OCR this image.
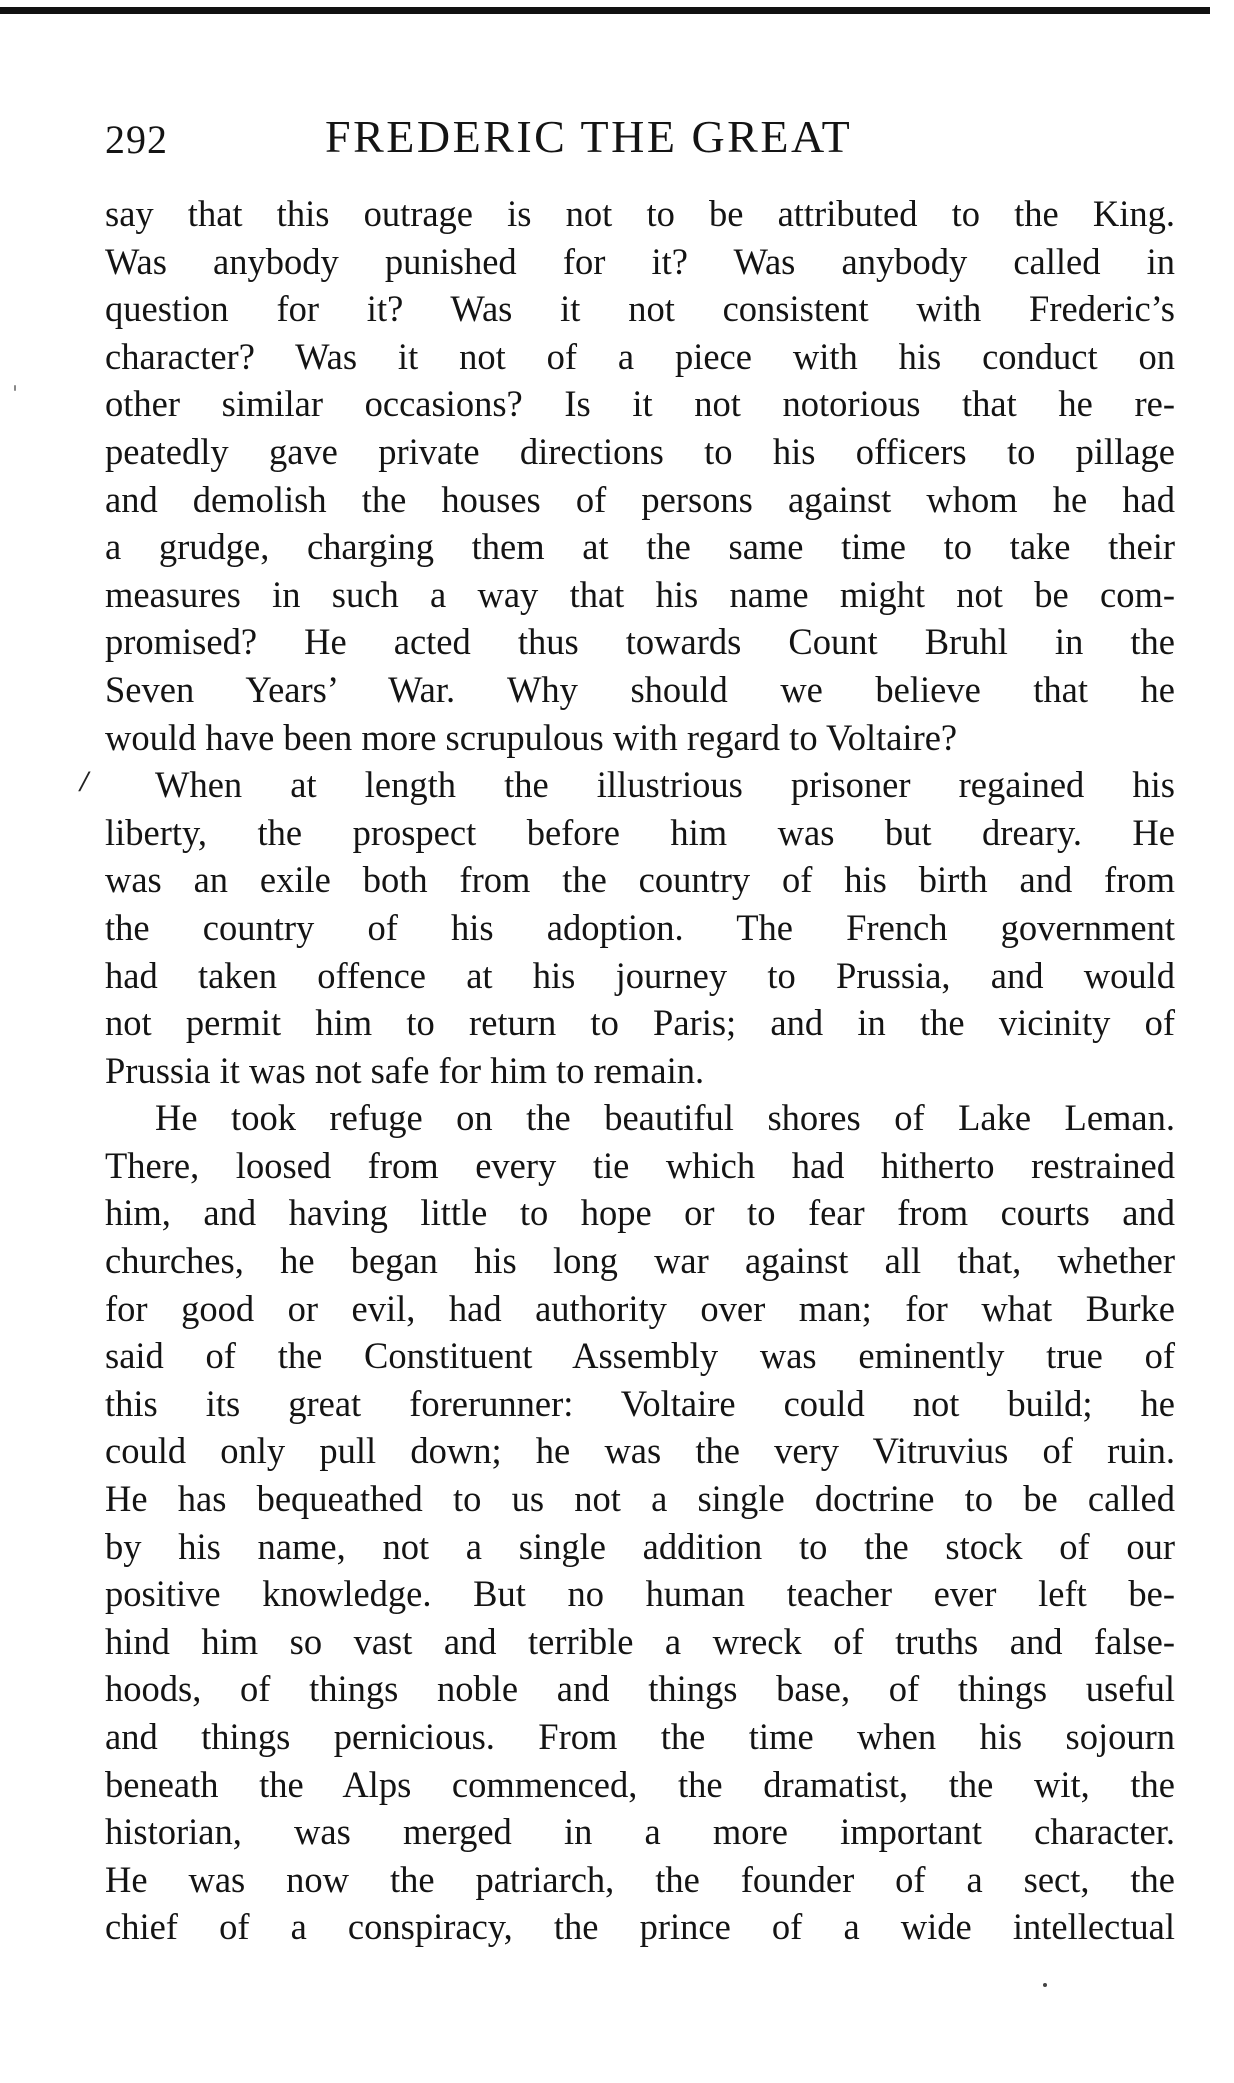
292	FREDERIC THE GREAT
/
say that this outrage is not to be attributed to the King.
Was anybody punished for it? Was anybody called in
question for it? Was it not consistent with Frederic’s
character? Was it not of a piece with his conduct on
other similar occasions? Is it not notorious that he re-
peatedly gave private directions to his officers to pillage
and demolish the houses of persons against whom he had
a grudge, charging them at the same time to take their
measures in such a way that his name might not be com-
promised? He acted thus towards Count Bruhl in the
Seven Years’ War. Why should we believe that he
would have been more scrupulous with regard to Voltaire?
When at length the illustrious prisoner regained his
liberty, the prospect before him was but dreary. He
was an exile both from the country of his birth and from
the country of his adoption. The French government
had taken offence at his journey to Prussia, and would
not permit him to return to Paris; and in the vicinity of
Prussia it was not safe for him to remain.
He took refuge on the beautiful shores of Lake Leman.
There, loosed from every tie which had hitherto restrained
him, and having little to hope or to fear from courts and
churches, he began his long war against all that, whether
for good or evil, had authority over man; for what Burke
said of the Constituent Assembly was eminently true of
this its great forerunner: Voltaire could not build; he
could only pull down; he was the very Vitruvius of ruin.
He has bequeathed to us not a single doctrine to be called
by his name, not a single addition to the stock of our
positive knowledge. But no human teacher ever left be-
hind him so vast and terrible a wreck of truths and false-
hoods, of things noble and things base, of things useful
and things pernicious. From the time when his sojourn
beneath the Alps commenced, the dramatist, the wit, the
historian, was merged in a more important character.
He was now the patriarch, the founder of a sect, the
chief of a conspiracy, the prince of a wide intellectual
